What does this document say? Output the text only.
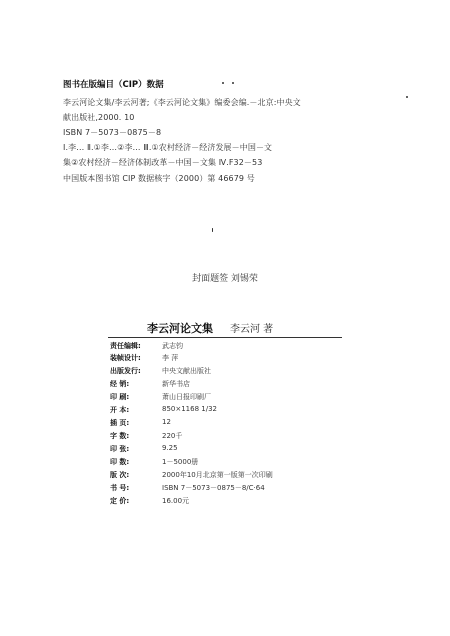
图书在版编目（CIP）数据
李云河论文集/李云河著;《李云河论文集》编委会编.－北京:中央文
献出版社,2000. 10
ISBN 7－5073－0875－8
Ⅰ.李… Ⅱ.①李…②李… Ⅲ.①农村经济－经济发展－中国－文
集②农村经济－经济体制改革－中国－文集 Ⅳ.F32－53
中国版本图书馆 CIP 数据核字（2000）第 46679 号
封面题签 刘锡荣
李云河论文集 李云河 著
责任编辑:	武志钧
装帧设计:	李 萍
出版发行:	中央文献出版社
经 销:	新华书店
印 刷:	萧山日报印刷厂
开 本:	850×1168 1/32
插 页:	12
字 数:	220千
印 张:	9.25
印 数:	1－5000册
版 次:	2000年10月北京第一版第一次印刷
书 号:	ISBN 7－5073－0875－8/C·64
定 价:	16.00元
